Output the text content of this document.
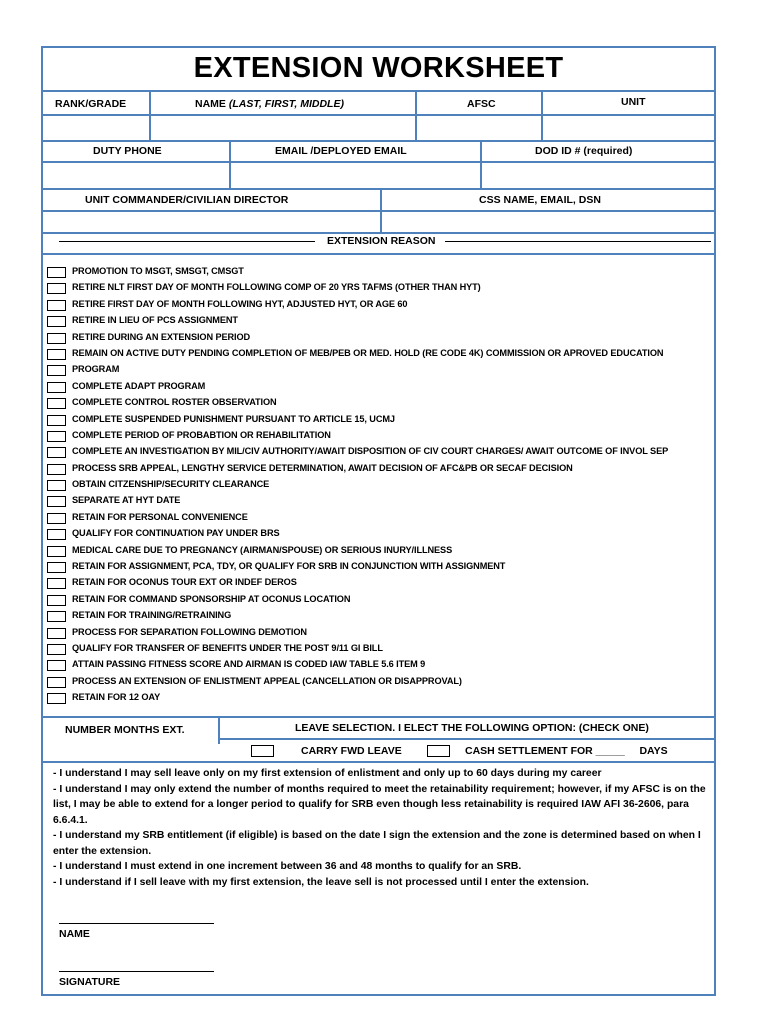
EXTENSION WORKSHEET
RANK/GRADE	NAME (LAST, FIRST, MIDDLE)	AFSC	UNIT
DUTY PHONE	EMAIL /DEPLOYED EMAIL	DOD ID # (required)
UNIT COMMANDER/CIVILIAN DIRECTOR	CSS NAME, EMAIL, DSN
EXTENSION REASON
PROMOTION TO MSGT, SMSGT, CMSGT
RETIRE NLT FIRST DAY OF MONTH FOLLOWING COMP OF 20 YRS TAFMS (OTHER THAN HYT)
RETIRE FIRST DAY OF MONTH FOLLOWING HYT, ADJUSTED HYT, OR AGE 60
RETIRE IN LIEU OF PCS ASSIGNMENT
RETIRE DURING AN EXTENSION PERIOD
REMAIN ON ACTIVE DUTY PENDING COMPLETION OF MEB/PEB OR MED. HOLD (RE CODE 4K) COMMISSION OR APROVED EDUCATION
PROGRAM
COMPLETE ADAPT PROGRAM
COMPLETE CONTROL ROSTER OBSERVATION
COMPLETE SUSPENDED PUNISHMENT PURSUANT TO ARTICLE 15, UCMJ
COMPLETE PERIOD OF PROBABTION OR REHABILITATION
COMPLETE AN INVESTIGATION BY MIL/CIV AUTHORITY/AWAIT DISPOSITION OF CIV COURT CHARGES/ AWAIT OUTCOME OF INVOL SEP
PROCESS SRB APPEAL, LENGTHY SERVICE DETERMINATION, AWAIT DECISION OF AFC&PB OR SECAF DECISION
OBTAIN CITZENSHIP/SECURITY CLEARANCE
SEPARATE AT HYT DATE
RETAIN FOR PERSONAL CONVENIENCE
QUALIFY FOR CONTINUATION PAY UNDER BRS
MEDICAL CARE DUE TO PREGNANCY (AIRMAN/SPOUSE) OR SERIOUS INURY/ILLNESS
RETAIN FOR ASSIGNMENT, PCA, TDY, OR QUALIFY FOR SRB IN CONJUNCTION WITH ASSIGNMENT
RETAIN FOR OCONUS TOUR EXT OR INDEF DEROS
RETAIN FOR COMMAND SPONSORSHIP AT OCONUS LOCATION
RETAIN FOR TRAINING/RETRAINING
PROCESS FOR SEPARATION FOLLOWING DEMOTION
QUALIFY FOR TRANSFER OF BENEFITS UNDER THE POST 9/11 GI BILL
ATTAIN PASSING FITNESS SCORE AND AIRMAN IS CODED IAW TABLE 5.6 ITEM 9
PROCESS AN EXTENSION OF ENLISTMENT APPEAL (CANCELLATION OR DISAPPROVAL)
RETAIN FOR 12 OAY
NUMBER MONTHS EXT.	LEAVE SELECTION. I ELECT THE FOLLOWING OPTION: (CHECK ONE)
CARRY FWD LEAVE	CASH SETTLEMENT FOR _____ DAYS

- I understand I may sell leave only on my first extension of enlistment and only up to 60 days during my career

- I understand I may only extend the number of months required to meet the retainability requirement; however, if my AFSC is on the list, I may be able to extend for a longer period to qualify for SRB even though less retainability is required IAW AFI 36-2606, para 6.6.4.1.

- I understand my SRB entitlement (if eligible) is based on the date I sign the extension and the zone is determined based on when I enter the extension.

- I understand I must extend in one increment between 36 and 48 months to qualify for an SRB.

- I understand if I sell leave with my first extension, the leave sell is not processed until I enter the extension.

NAME
SIGNATURE
